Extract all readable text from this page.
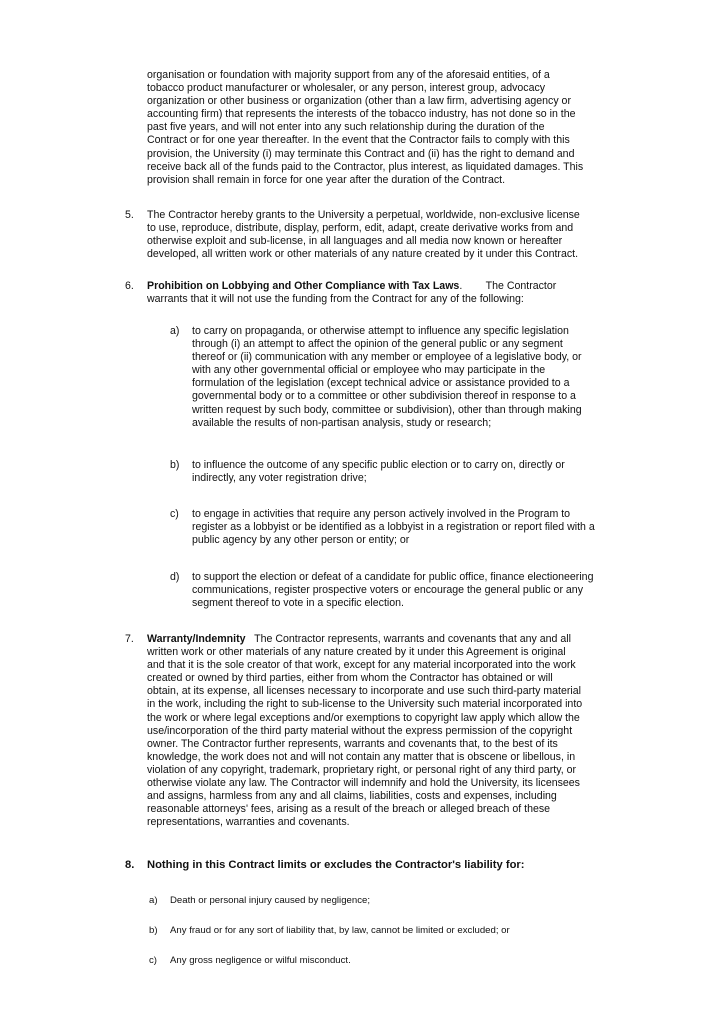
organisation or foundation with majority support from any of the aforesaid entities, of a
tobacco product manufacturer or wholesaler, or any person, interest group, advocacy
organization or other business or organization (other than a law firm, advertising agency or
accounting firm) that represents the interests of the tobacco industry, has not done so in the
past five years, and will not enter into any such relationship during the duration of the
Contract or for one year thereafter. In the event that the Contractor fails to comply with this
provision, the University (i) may terminate this Contract and (ii) has the right to demand and
receive back all of the funds paid to the Contractor, plus interest, as liquidated damages. This
provision shall remain in force for one year after the duration of the Contract.
5. The Contractor hereby grants to the University a perpetual, worldwide, non-exclusive license
to use, reproduce, distribute, display, perform, edit, adapt, create derivative works from and
otherwise exploit and sub-license, in all languages and all media now known or hereafter
developed, all written work or other materials of any nature created by it under this Contract.
6. Prohibition on Lobbying and Other Compliance with Tax Laws.        The Contractor
warrants that it will not use the funding from the Contract for any of the following:
a) to carry on propaganda, or otherwise attempt to influence any specific legislation
through (i) an attempt to affect the opinion of the general public or any segment
thereof or (ii) communication with any member or employee of a legislative body, or
with any other governmental official or employee who may participate in the
formulation of the legislation (except technical advice or assistance provided to a
governmental body or to a committee or other subdivision thereof in response to a
written request by such body, committee or subdivision), other than through making
available the results of non-partisan analysis, study or research;
b) to influence the outcome of any specific public election or to carry on, directly or
indirectly, any voter registration drive;
c) to engage in activities that require any person actively involved in the Program to
register as a lobbyist or be identified as a lobbyist in a registration or report filed with a
public agency by any other person or entity; or
d) to support the election or defeat of a candidate for public office, finance electioneering
communications, register prospective voters or encourage the general public or any
segment thereof to vote in a specific election.
7. Warranty/Indemnity   The Contractor represents, warrants and covenants that any and all
written work or other materials of any nature created by it under this Agreement is original
and that it is the sole creator of that work, except for any material incorporated into the work
created or owned by third parties, either from whom the Contractor has obtained or will
obtain, at its expense, all licenses necessary to incorporate and use such third-party material
in the work, including the right to sub-license to the University such material incorporated into
the work or where legal exceptions and/or exemptions to copyright law apply which allow the
use/incorporation of the third party material without the express permission of the copyright
owner. The Contractor further represents, warrants and covenants that, to the best of its
knowledge, the work does not and will not contain any matter that is obscene or libellous, in
violation of any copyright, trademark, proprietary right, or personal right of any third party, or
otherwise violate any law. The Contractor will indemnify and hold the University, its licensees
and assigns, harmless from any and all claims, liabilities, costs and expenses, including
reasonable attorneys' fees, arising as a result of the breach or alleged breach of these
representations, warranties and covenants.
8. Nothing in this Contract limits or excludes the Contractor's liability for:
a) Death or personal injury caused by negligence;
b) Any fraud or for any sort of liability that, by law, cannot be limited or excluded; or
c) Any gross negligence or wilful misconduct.
